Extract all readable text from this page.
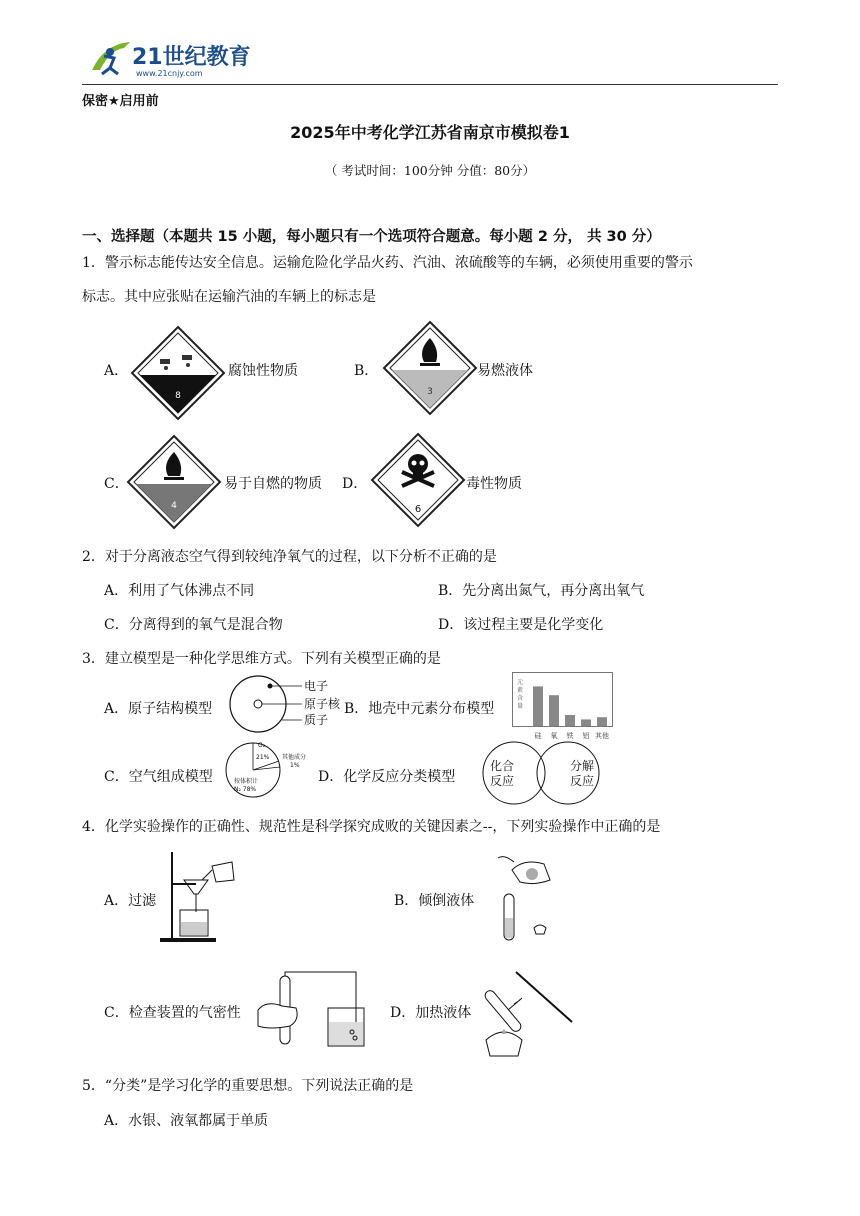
21世纪教育
www.21cnjy.com
保密★启用前
2025年中考化学江苏省南京市模拟卷1
（ 考试时间：100分钟 分值：80分）
一、选择题（本题共 15 小题，每小题只有一个选项符合题意。每小题 2 分， 共 30 分）
1．警示标志能传达安全信息。运输危险化学品火药、汽油、浓硫酸等的车辆，必须使用重要的警示
标志。其中应张贴在运输汽油的车辆上的标志是
A．
8
腐蚀性物质	B．
3
易燃液体
C．
4
易于自燃的物质 D．
6
毒性物质
2．对于分离液态空气得到较纯净氧气的过程，以下分析不正确的是
A．利用了气体沸点不同	B．先分离出氮气，再分离出氧气
C．分离得到的氧气是混合物	D．该过程主要是化学变化
3．建立模型是一种化学思维方式。下列有关模型正确的是
A．原子结构模型
电子
原子核
质子
B．地壳中元素分布模型
元
素
含
量
硅 氧 铁 铝 其他
C．空气组成模型
O₂
21% 其他成分
1%
按体积计
N₂ 78%
D．化学反应分类模型
化合
反应
分解
反应
4．化学实验操作的正确性、规范性是科学探究成败的关键因素之--，下列实验操作中正确的是
A．过滤	B．倾倒液体
C．检查装置的气密性	D．加热液体
5．“分类”是学习化学的重要思想。下列说法正确的是
A．水银、液氧都属于单质
